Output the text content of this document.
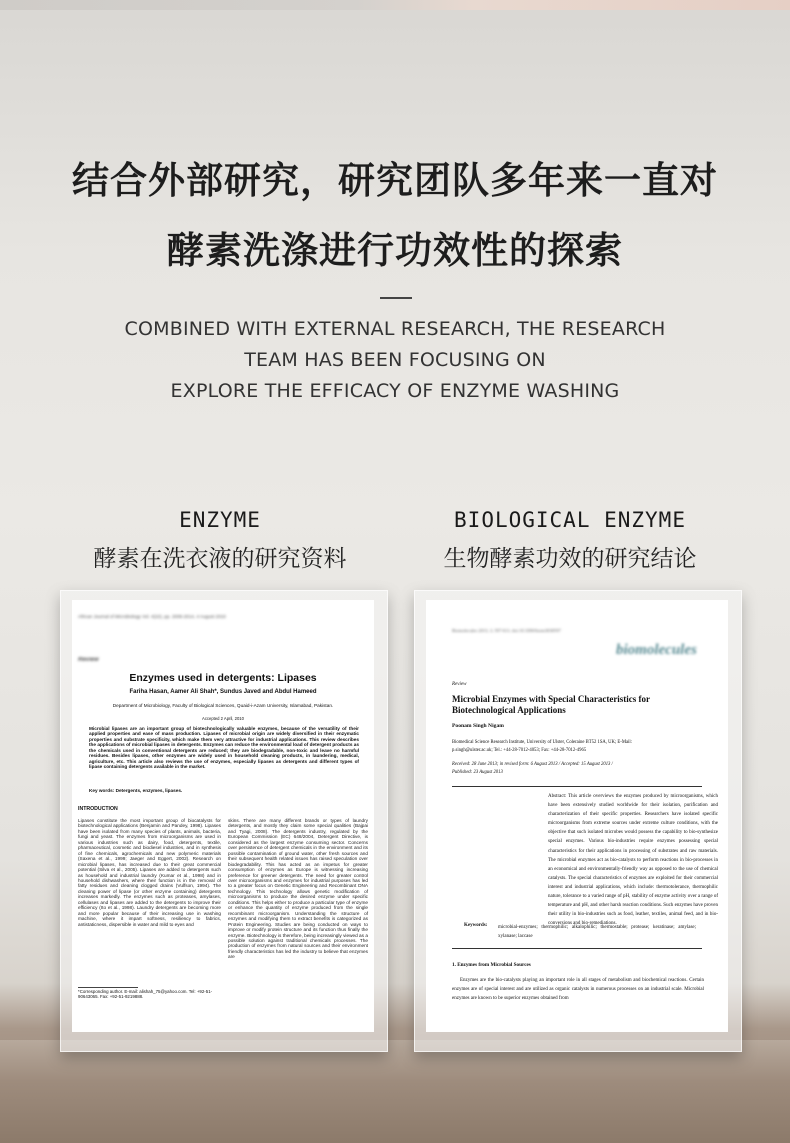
结合外部研究，研究团队多年来一直对
酵素洗涤进行功效性的探索
COMBINED WITH EXTERNAL RESEARCH, THE RESEARCH
TEAM HAS BEEN FOCUSING ON
EXPLORE THE EFFICACY OF ENZYME WASHING
ENZYME
酵素在洗衣液的研究资料
BIOLOGICAL ENZYME
生物酵素功效的研究结论
African Journal of Microbiology Vol. 4(22), pp. 2006-2014, 4 August 2010
Review
Enzymes used in detergents: Lipases
Fariha Hasan, Aamer Ali Shah*, Sundus Javed and Abdul Hameed
Department of Microbiology, Faculty of Biological Sciences, Quaid-i-Azam University, Islamabad, Pakistan.
Accepted 2 April, 2010
Microbial lipases are an important group of biotechnologically valuable enzymes, because of the versatility of their applied properties and ease of mass production. Lipases of microbial origin are widely diversified in their enzymatic properties and substrate specificity, which make them very attractive for industrial applications. This review describes the applications of microbial lipases in detergents. Enzymes can reduce the environmental load of detergent products as the chemicals used in conventional detergents are reduced; they are biodegradable, non-toxic and leave no harmful residues. Besides lipases, other enzymes are widely used in household cleaning products, in laundering, medical, agriculture, etc. This article also reviews the use of enzymes, especially lipases as detergents and different types of lipase containing detergents available in the market.
Key words: Detergents, enzymes, lipases.
INTRODUCTION
Lipases constitute the most important group of biocatalysts for biotechnological applications (Benjamin and Pandey, 1998). Lipases have been isolated from many species of plants, animals, bacteria, fungi and yeast. The enzymes from microorganisms are used in various industries such as dairy, food, detergents, textile, pharmaceutical, cosmetic and biodiesel industries, and in synthesis of fine chemicals, agrochemicals and new polymeric materials (Saxena et al., 1999; Jaeger and Eggert, 2002). Research on microbial lipases, has increased due to their great commercial potential (Silva et al., 2005). Lipases are added to detergents such as household and industrial laundry (Kumar et al., 1998) and in household dishwashers, where their function is in the removal of fatty residues and cleaning clogged drains (Vulfson, 1994). The cleaning power of lipase (or other enzyme containing) detergents increases markedly. The enzymes such as proteases, amylases, cellulases and lipases are added to the detergents to improve their efficiency (Ito et al., 1998). Laundry detergents are becoming more and more popular because of their increasing use in washing machine, where it impart softness, resiliency to fabrics, antistaticness, dispersible in water and mild to eyes and
skins. There are many different brands or types of laundry detergents, and mostly they claim some special qualities (Bajpai and Tyagi, 2008). The detergents industry, regulated by the European Commission (EC) 648/2004, Detergent Directive, is considered as the largest enzyme consuming sector. Concerns over persistence of detergent chemicals in the environment and its possible contamination of ground water, other fresh sources and their subsequent health related issues has raised speculation over biodegradability. This has acted as an impetus for greater consumption of enzymes as Europe is witnessing increasing preference for greener detergents. The need for greater control over microorganisms and enzymes for industrial purposes has led to a greater focus on Genetic Engineering and Recombinant DNA technology. This technology allows genetic modification of microorganisms to produce the desired enzyme under specific conditions. This helps either to produce a particular type of enzyme or enhance the quantity of enzyme produced from the single recombinant microorganism. Understanding the structure of enzymes and modifying them to extract benefits is categorized as Protein Engineering. Studies are being conducted on ways to improve or modify protein structure and its function thus finally the enzyme. Biotechnology is therefore, being increasingly viewed as a possible solution against traditional chemicals processes. The production of enzymes from natural sources and their environment friendly characteristics has led the industry to believe that enzymes are
*Corresponding author. E-mail: alishah_75@yahoo.com. Tel: +92-51-90643065. Fax: +92-51-9219888.
Biomolecules 2013, 3, 597-611; doi:10.3390/biom3030597
biomolecules
Review
Microbial Enzymes with Special Characteristics for Biotechnological Applications
Poonam Singh Nigam
Biomedical Science Research Institute, University of Ulster, Coleraine BT52 1SA, UK; E-Mail: p.singh@ulster.ac.uk; Tel.: +44-28-7012-4053; Fax: +44-28-7012-4965
Received: 28 June 2013; in revised form: 6 August 2013 / Accepted: 15 August 2013 /
Published: 23 August 2013
Abstract: This article overviews the enzymes produced by microorganisms, which have been extensively studied worldwide for their isolation, purification and characterization of their specific properties. Researchers have isolated specific microorganisms from extreme sources under extreme culture conditions, with the objective that such isolated microbes would possess the capability to bio-synthesize special enzymes. Various bio-industries require enzymes possessing special characteristics for their applications in processing of substrates and raw materials. The microbial enzymes act as bio-catalysts to perform reactions in bio-processes in an economical and environmentally-friendly way as opposed to the use of chemical catalysts. The special characteristics of enzymes are exploited for their commercial interest and industrial applications, which include: thermotolerance, thermophilic nature, tolerance to a varied range of pH, stability of enzyme activity over a range of temperature and pH, and other harsh reaction conditions. Such enzymes have proven their utility in bio-industries such as food, leather, textiles, animal feed, and in bio-conversions and bio-remediations.
Keywords: microbial-enzymes; thermophilic; alkalophilic; thermostable; protease; keratinase; amylase; xylanase; laccase
1. Enzymes from Microbial Sources
Enzymes are the bio-catalysts playing an important role in all stages of metabolism and biochemical reactions. Certain enzymes are of special interest and are utilized as organic catalysts in numerous processes on an industrial scale. Microbial enzymes are known to be superior enzymes obtained from
